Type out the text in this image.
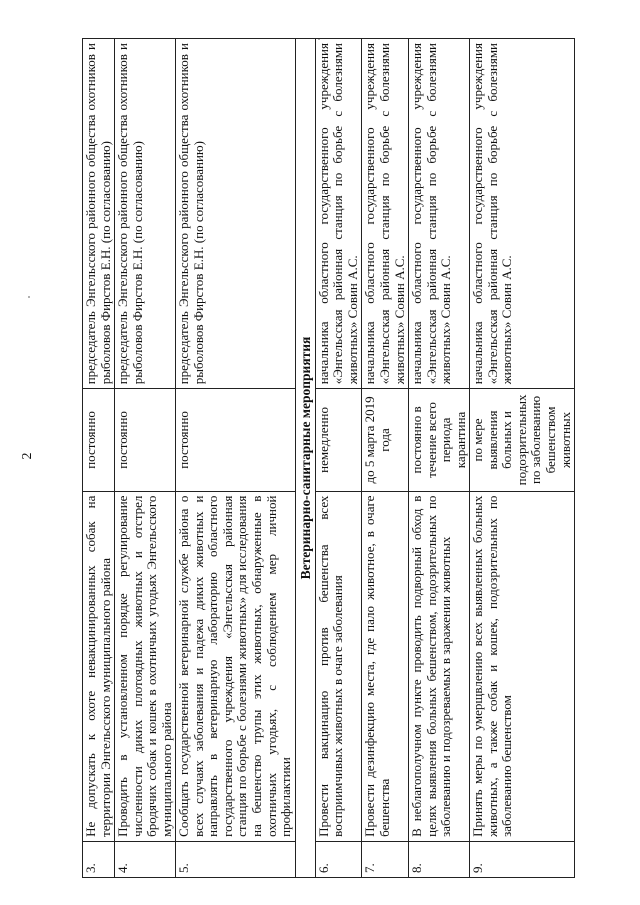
2
3.	Не допускать к охоте невакцинированных собак на территории Энгельсского муниципального района	постоянно	председатель Энгельсского районного общества охотников и рыболовов Фирстов Е.Н. (по согласованию)
4.	Проводить в установленном порядке регулирование численности диких плотоядных животных и отстрел бродячих собак и кошек в охотничьих угодьях Энгельсского муниципального района	постоянно	председатель Энгельсского районного общества охотников и рыболовов Фирстов Е.Н. (по согласованию)
5.	Сообщать государственной ветеринарной службе района о всех случаях заболевания и падежа диких животных и направлять в ветеринарную лабораторию областного государственного учреждения «Энгельсская районная станция по борьбе с болезнями животных» для исследования на бешенство трупы этих животных, обнаруженные в охотничьих угодьях, с соблюдением мер личной профилактики	постоянно	председатель Энгельсского районного общества охотников и рыболовов Фирстов Е.Н. (по согласованию)
Ветеринарно-санитарные мероприятия			
6.	Провести вакцинацию против бешенства всех восприимчивых животных в очаге заболевания	немедленно	начальника областного государственного учреждения «Энгельсская районная станция по борьбе с болезнями животных» Совин А.С.
7.	Провести дезинфекцию места, где пало животное, в очаге бешенства	до 5 марта 2019 года	начальника областного государственного учреждения «Энгельсская районная станция по борьбе с болезнями животных» Совин А.С.
8.	В неблагополучном пункте проводить подворный обход в целях выявления больных бешенством, подозрительных по заболеванию и подозреваемых в заражении животных	постоянно в течение всего периода карантина	начальника областного государственного учреждения «Энгельсская районная станция по борьбе с болезнями животных» Совин А.С.
9.	Принять меры по умерщвлению всех выявленных больных животных, а также собак и кошек, подозрительных по заболеванию бешенством	по мере выявления больных и подозрительных по заболеванию бешенством животных	начальника областного государственного учреждения «Энгельсская районная станция по борьбе с болезнями животных» Совин А.С.
